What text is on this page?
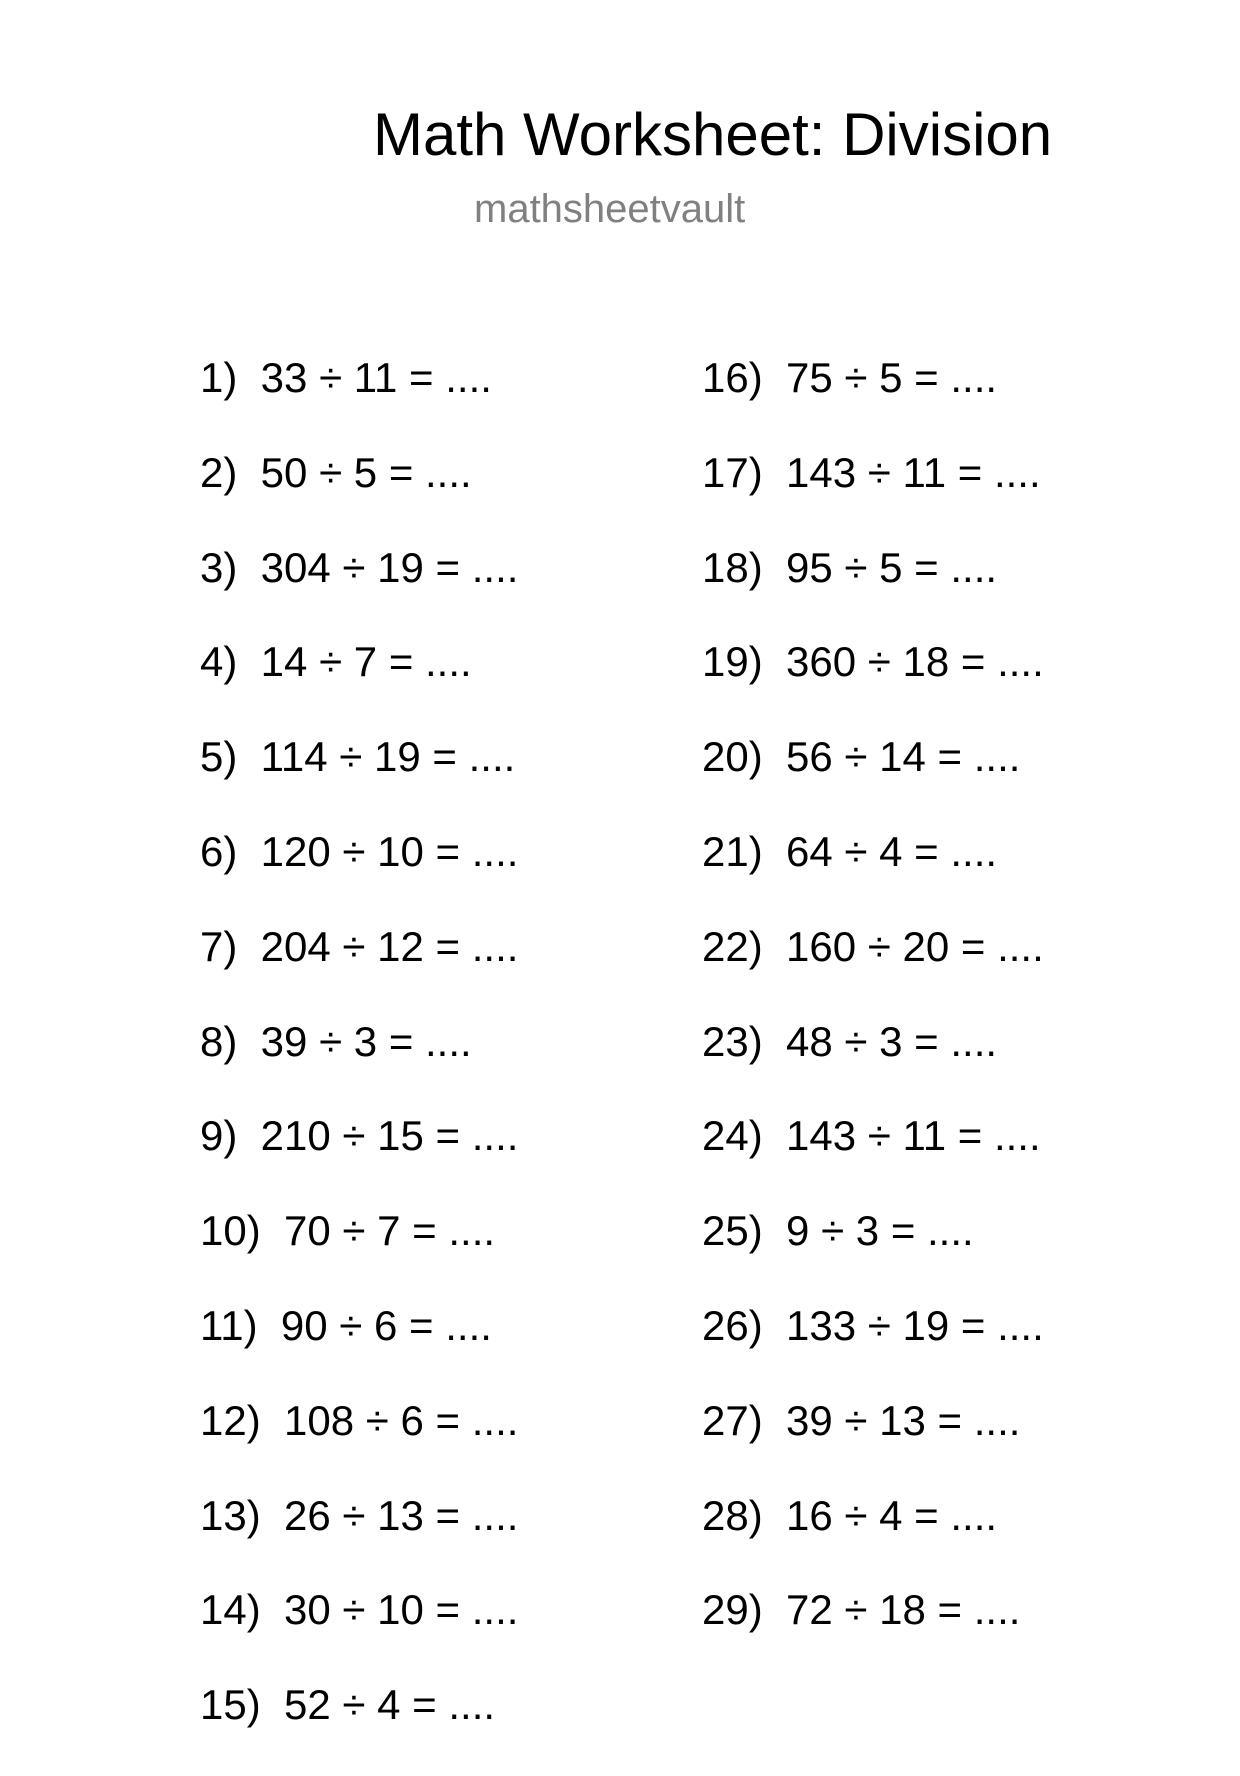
Math Worksheet: Division
mathsheetvault
1)  33 ÷ 11 = ....
2)  50 ÷ 5 = ....
3)  304 ÷ 19 = ....
4)  14 ÷ 7 = ....
5)  114 ÷ 19 = ....
6)  120 ÷ 10 = ....
7)  204 ÷ 12 = ....
8)  39 ÷ 3 = ....
9)  210 ÷ 15 = ....
10)  70 ÷ 7 = ....
11)  90 ÷ 6 = ....
12)  108 ÷ 6 = ....
13)  26 ÷ 13 = ....
14)  30 ÷ 10 = ....
15)  52 ÷ 4 = ....
16)  75 ÷ 5 = ....
17)  143 ÷ 11 = ....
18)  95 ÷ 5 = ....
19)  360 ÷ 18 = ....
20)  56 ÷ 14 = ....
21)  64 ÷ 4 = ....
22)  160 ÷ 20 = ....
23)  48 ÷ 3 = ....
24)  143 ÷ 11 = ....
25)  9 ÷ 3 = ....
26)  133 ÷ 19 = ....
27)  39 ÷ 13 = ....
28)  16 ÷ 4 = ....
29)  72 ÷ 18 = ....
